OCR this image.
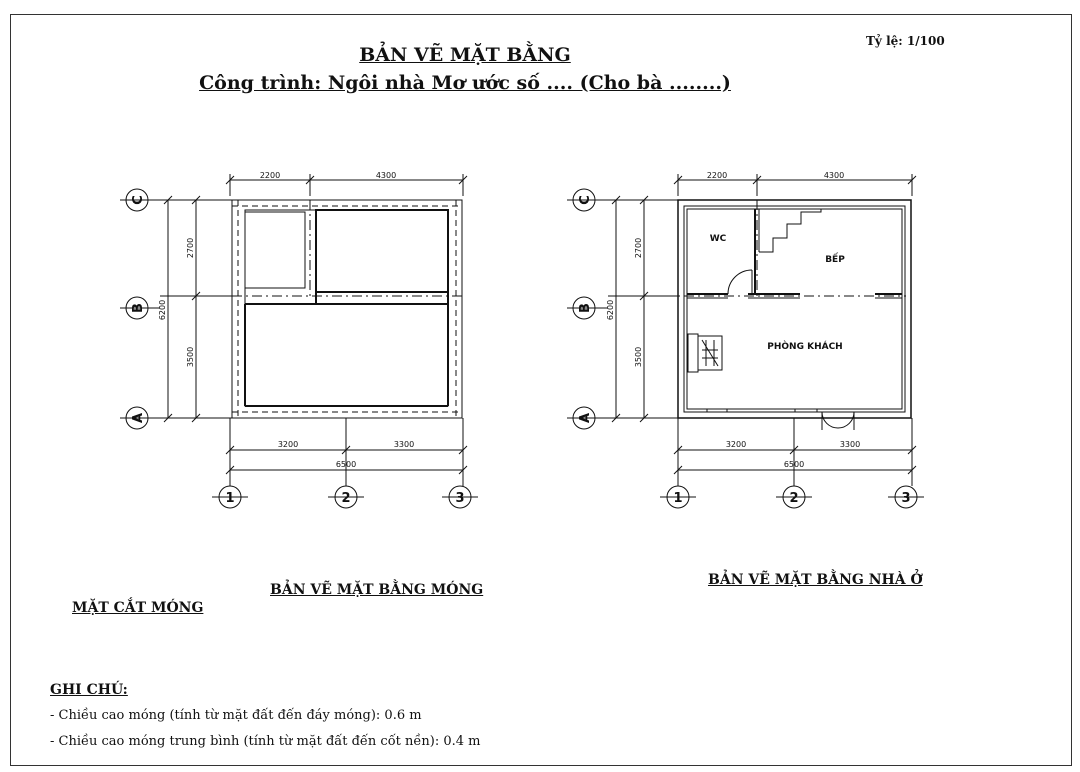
BẢN VẼ MẶT BẰNG
Công trình: Ngôi nhà Mơ ước số .... (Cho bà ........)
Tỷ lệ: 1/100
2200	4300
2700
3500
6200
3200	3300
6500
C
B
A
1	2	3
2200	4300
2700
3500
6200
3200	3300
6500
WC
BẾP
PHÒNG KHÁCH
C
B
A
1	2	3
BẢN VẼ MẶT BẰNG MÓNG
BẢN VẼ MẶT BẰNG NHÀ Ở
MẶT CẮT MÓNG
GHI CHÚ:
- Chiều cao móng (tính từ mặt đất đến đáy móng): 0.6 m
- Chiều cao móng trung bình (tính từ mặt đất đến cốt nền): 0.4 m
